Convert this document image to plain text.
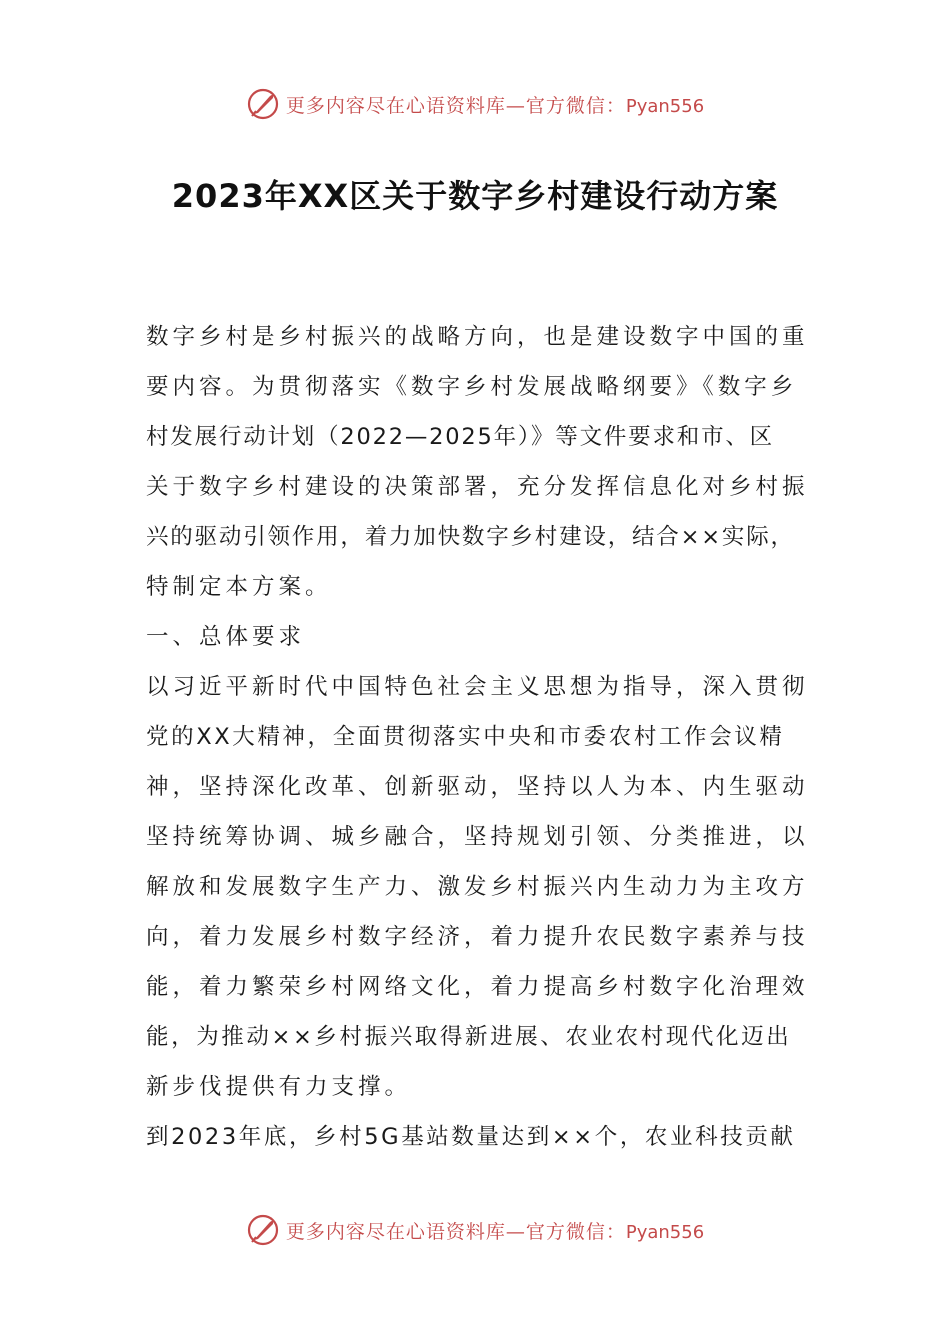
更多内容尽在心语资料库—官方微信：Pyan556
2023年XX区关于数字乡村建设行动方案
数字乡村是乡村振兴的战略方向，也是建设数字中国的重
要内容。为贯彻落实《数字乡村发展战略纲要》《数字乡
村发展行动计划（2022—2025年）》等文件要求和市、区
关于数字乡村建设的决策部署，充分发挥信息化对乡村振
兴的驱动引领作用，着力加快数字乡村建设，结合××实际，
特制定本方案。
一、总体要求
以习近平新时代中国特色社会主义思想为指导，深入贯彻
党的XX大精神，全面贯彻落实中央和市委农村工作会议精
神，坚持深化改革、创新驱动，坚持以人为本、内生驱动
坚持统筹协调、城乡融合，坚持规划引领、分类推进，以
解放和发展数字生产力、激发乡村振兴内生动力为主攻方
向，着力发展乡村数字经济，着力提升农民数字素养与技
能，着力繁荣乡村网络文化，着力提高乡村数字化治理效
能，为推动××乡村振兴取得新进展、农业农村现代化迈出
新步伐提供有力支撑。
到2023年底，乡村5G基站数量达到××个，农业科技贡献
更多内容尽在心语资料库—官方微信：Pyan556
